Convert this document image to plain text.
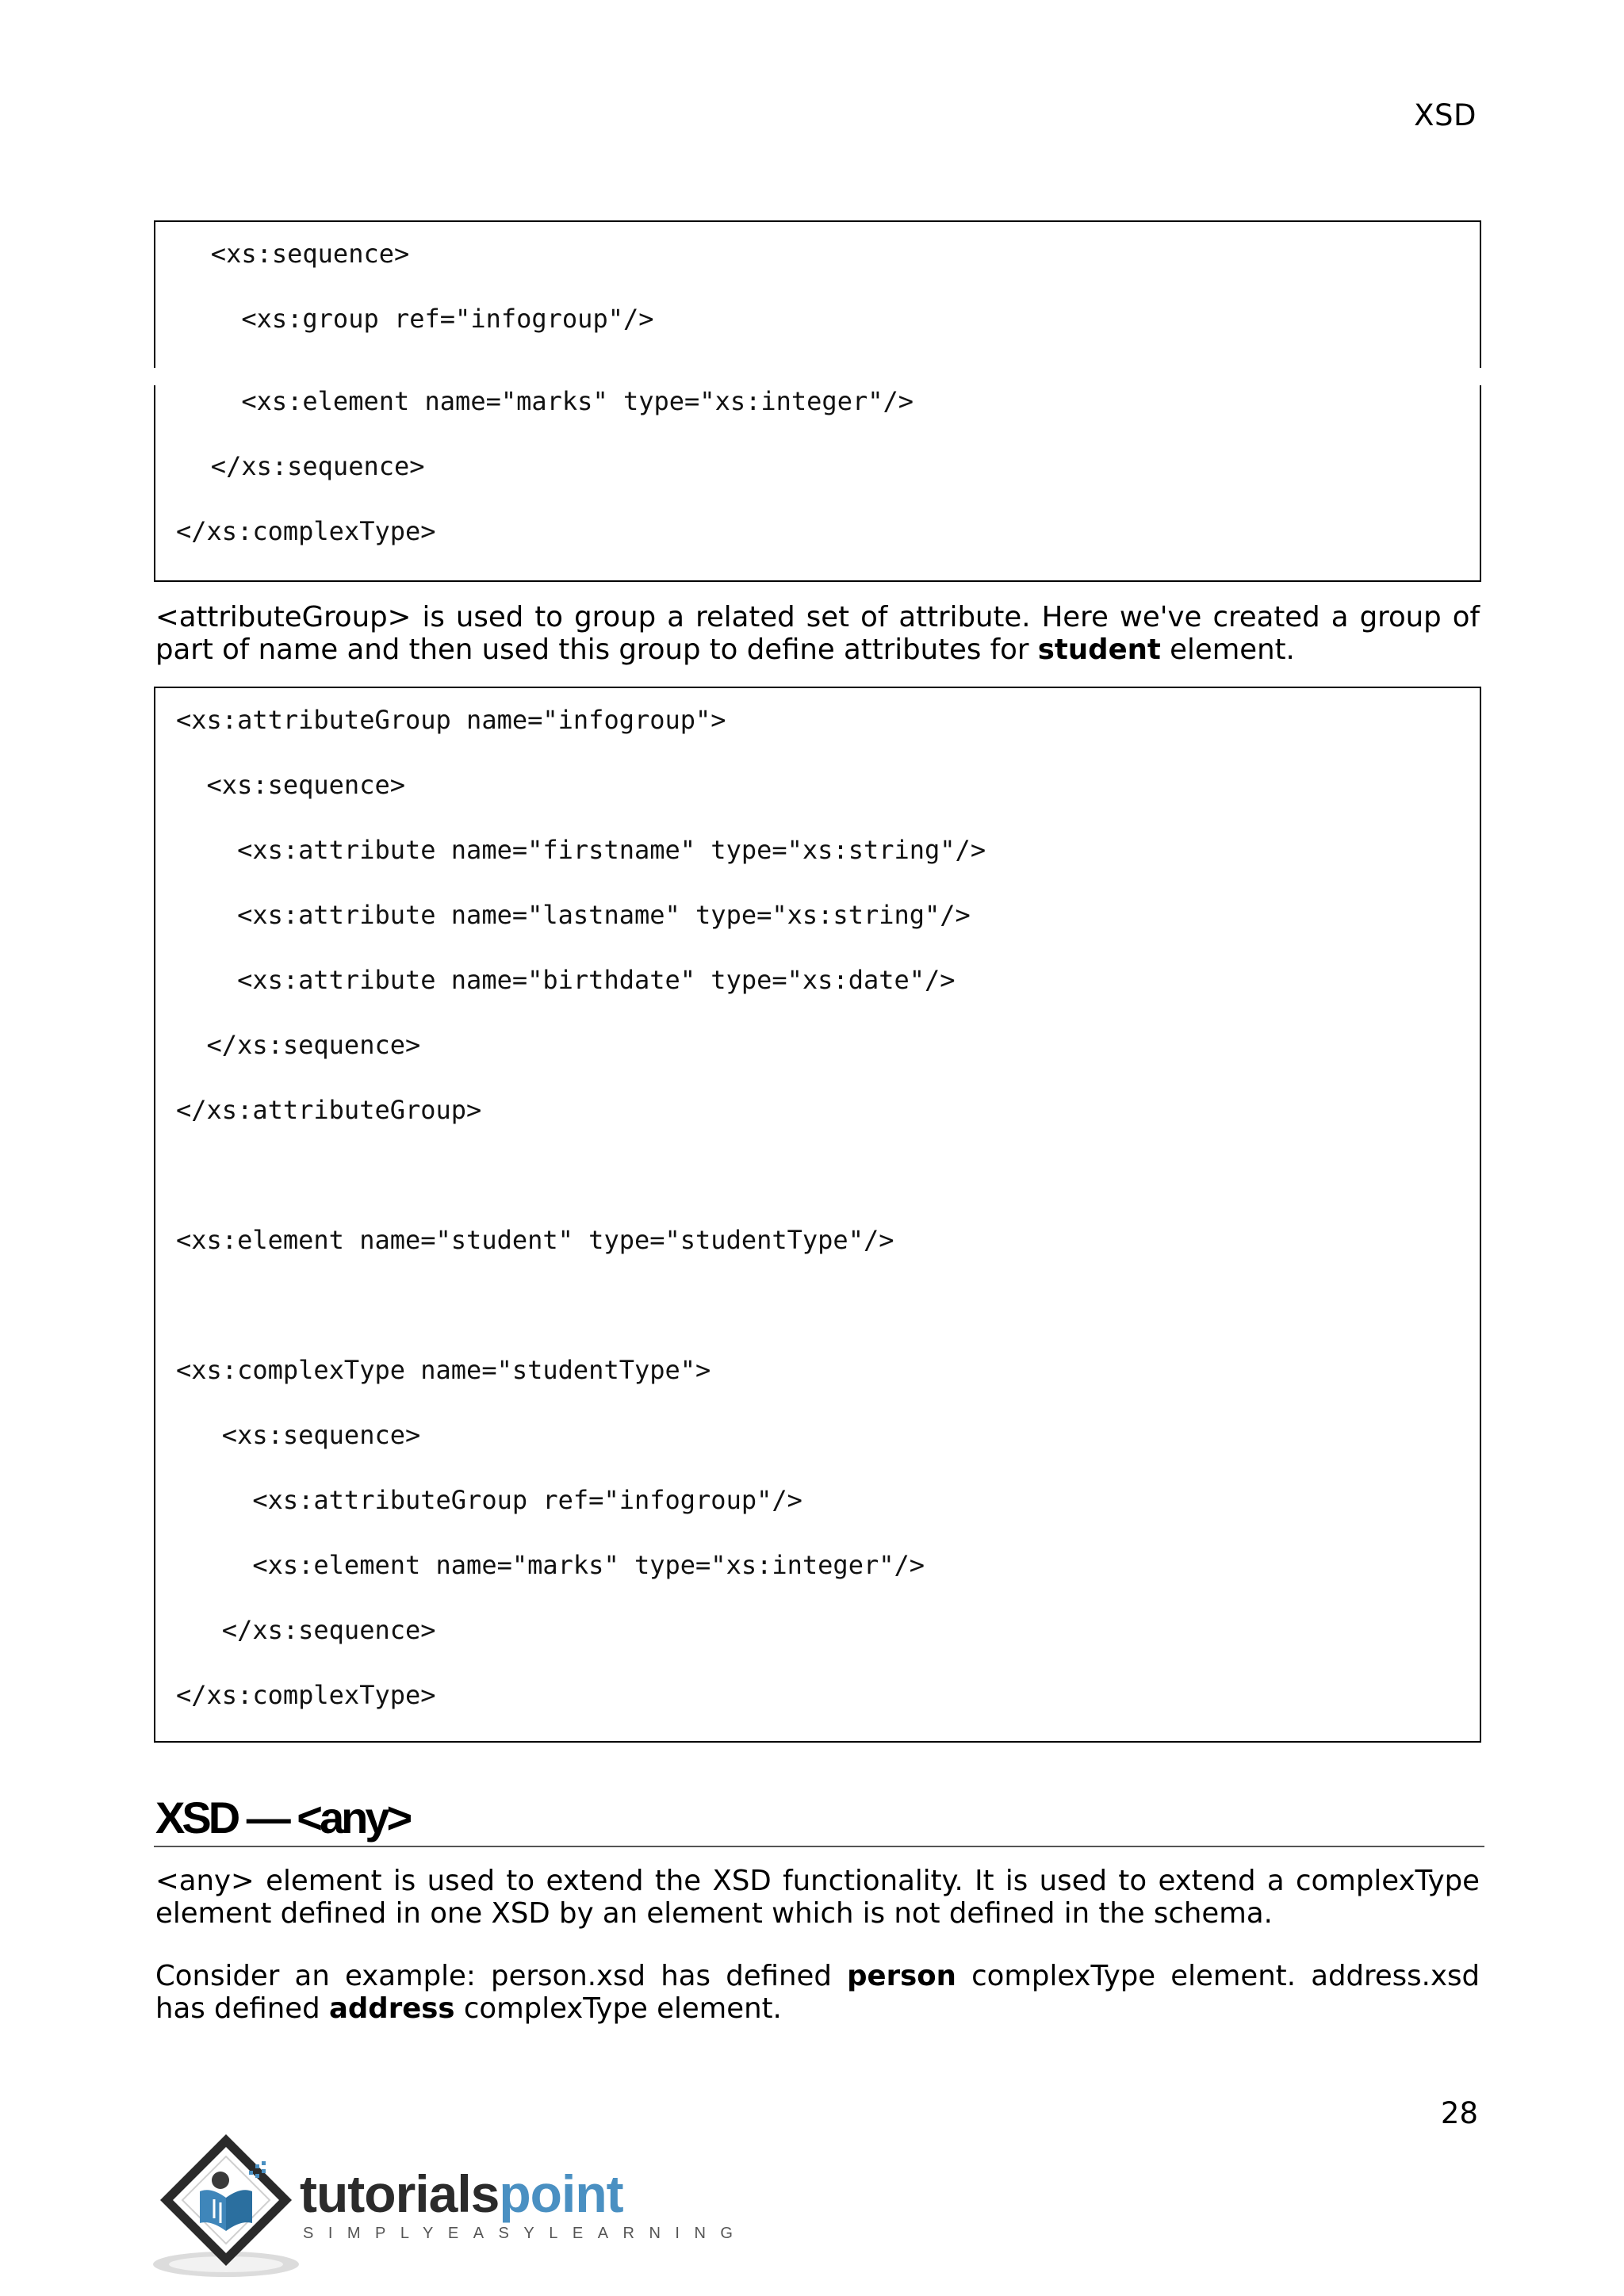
XSD
<xs:sequence>
<xs:group ref="infogroup"/>
<xs:element name="marks" type="xs:integer"/>
</xs:sequence>
</xs:complexType>
<attributeGroup> is used to group a related set of attribute. Here we've created a group of part of name and then used this group to define attributes for student element.
<xs:attributeGroup name="infogroup">
<xs:sequence>
<xs:attribute name="firstname" type="xs:string"/>
<xs:attribute name="lastname" type="xs:string"/>
<xs:attribute name="birthdate" type="xs:date"/>
</xs:sequence>
</xs:attributeGroup>
<xs:element name="student" type="studentType"/>
<xs:complexType name="studentType">
<xs:sequence>
<xs:attributeGroup ref="infogroup"/>
<xs:element name="marks" type="xs:integer"/>
</xs:sequence>
</xs:complexType>
XSD — <any>
<any> element is used to extend the XSD functionality. It is used to extend a complexType element defined in one XSD by an element which is not defined in the schema.
Consider an example: person.xsd has defined person complexType element. address.xsd has defined address complexType element.
28
tutorialspoint
SIMPLYEASYLEARNING
